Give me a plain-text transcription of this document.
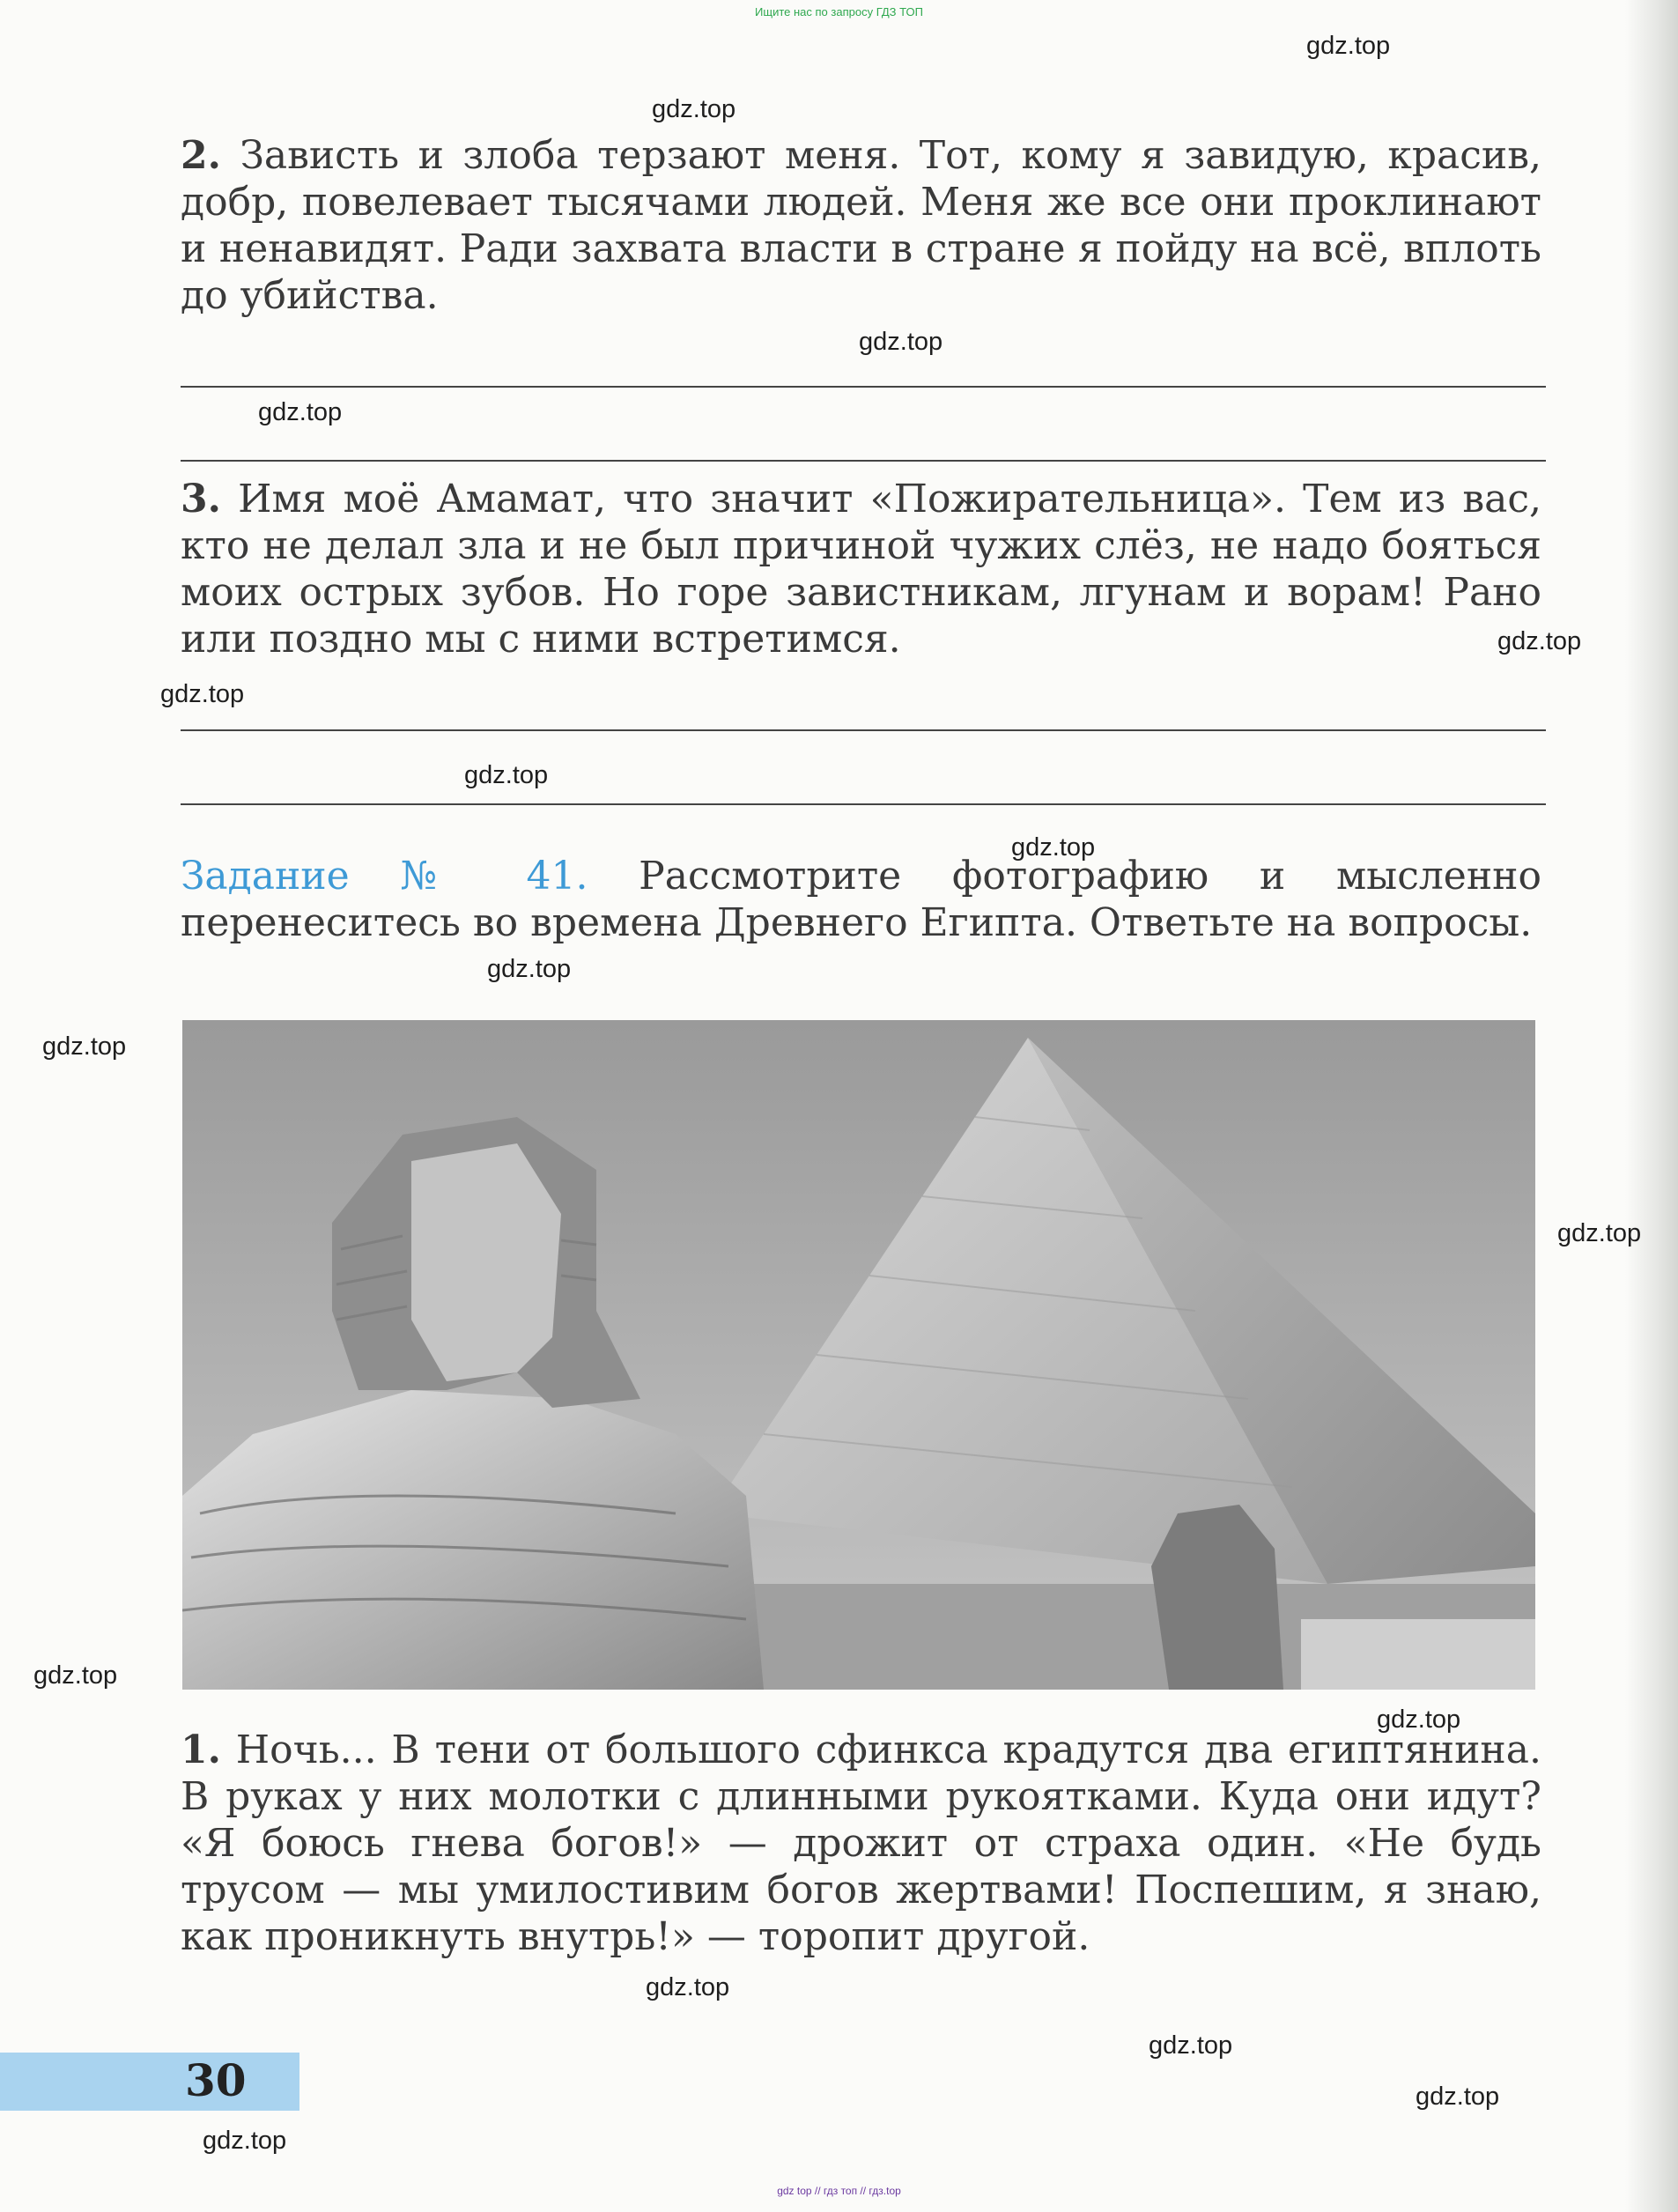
Ищите нас по запросу ГДЗ ТОП

2. Зависть и злоба терзают меня. Тот, кому я завидую, красив, добр, повелевает тысячами людей. Меня же все они проклинают и ненавидят. Ради захвата власти в стране я пойду на всё, вплоть до убийства.

3. Имя моё Амамат, что значит «Пожирательница». Тем из вас, кто не делал зла и не был причиной чужих слёз, не надо бояться моих острых зубов. Но горе завистникам, лгунам и ворам! Рано или поздно мы с ними встретимся.

Задание № 41. Рассмотрите фотографию и мысленно перенеситесь во времена Древнего Египта. Ответьте на вопросы.

1. Ночь... В тени от большого сфинкса крадутся два египтянина. В руках у них молотки с длинными рукоятками. Куда они идут? «Я боюсь гнева богов!» — дрожит от страха один. «Не будь трусом — мы умилостивим богов жертвами! Поспешим, я знаю, как проникнуть внутрь!» — торопит другой.

30
gdz.top
gdz.top
gdz.top
gdz.top
gdz.top
gdz.top
gdz.top
gdz.top
gdz.top
gdz.top
gdz.top
gdz.top
gdz.top
gdz.top
gdz.top
gdz.top
gdz.top
gdz top // гдз топ // гдз.top
